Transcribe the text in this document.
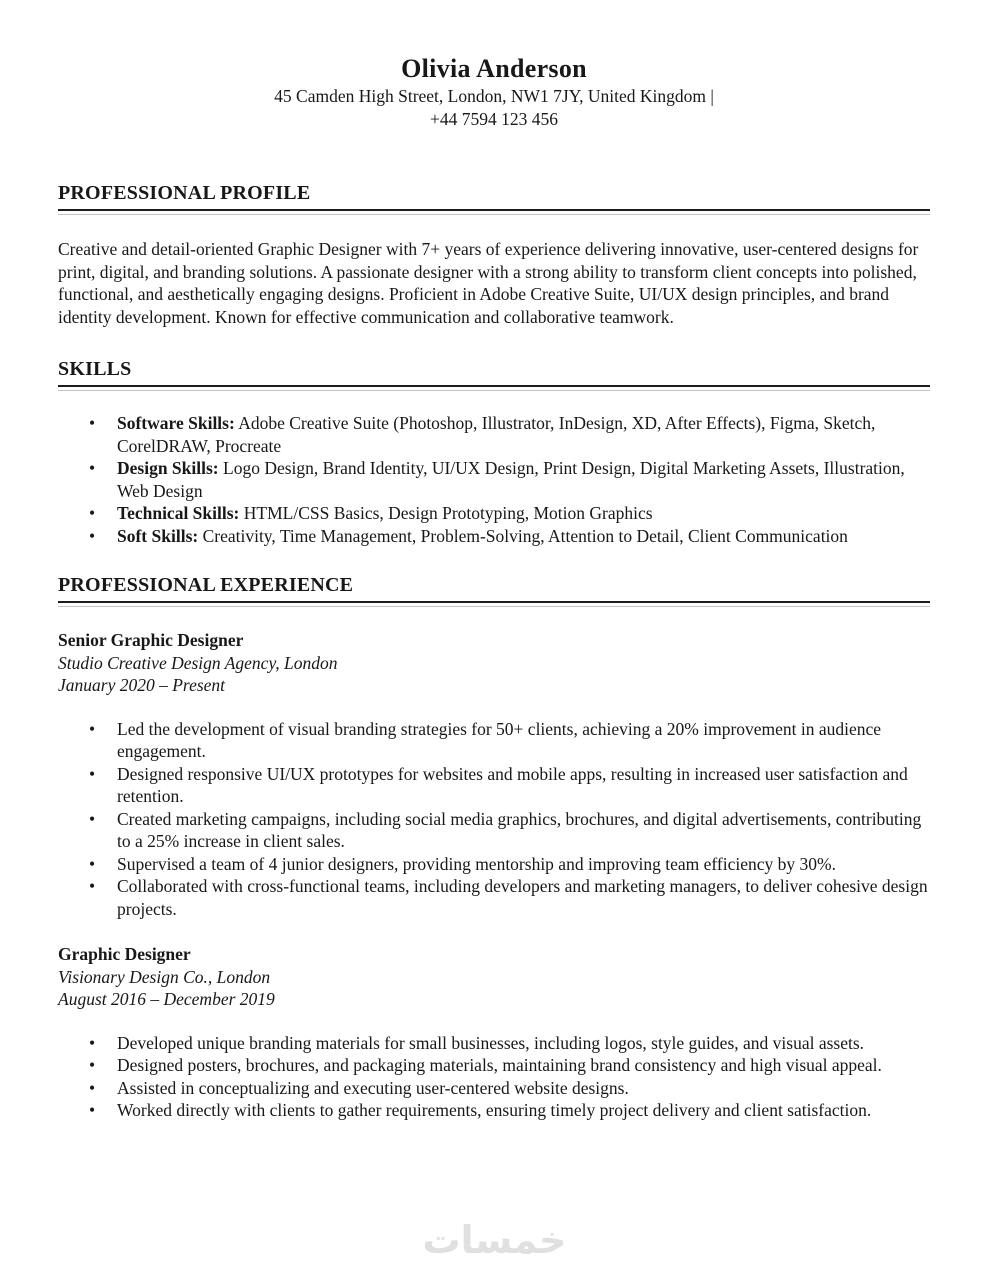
Olivia Anderson
45 Camden High Street, London, NW1 7JY, United Kingdom |
+44 7594 123 456
PROFESSIONAL PROFILE

Creative and detail-oriented Graphic Designer with 7+ years of experience delivering innovative, user-centered designs for print, digital, and branding solutions. A passionate designer with a strong ability to transform client concepts into polished, functional, and aesthetically engaging designs. Proficient in Adobe Creative Suite, UI/UX design principles, and brand identity development. Known for effective communication and collaborative teamwork.

SKILLS
• Software Skills: Adobe Creative Suite (Photoshop, Illustrator, InDesign, XD, After Effects), Figma, Sketch, CorelDRAW, Procreate
• Design Skills: Logo Design, Brand Identity, UI/UX Design, Print Design, Digital Marketing Assets, Illustration, Web Design
• Technical Skills: HTML/CSS Basics, Design Prototyping, Motion Graphics
• Soft Skills: Creativity, Time Management, Problem-Solving, Attention to Detail, Client Communication
PROFESSIONAL EXPERIENCE
Senior Graphic Designer
Studio Creative Design Agency, London
January 2020 – Present
• Led the development of visual branding strategies for 50+ clients, achieving a 20% improvement in audience engagement.
• Designed responsive UI/UX prototypes for websites and mobile apps, resulting in increased user satisfaction and retention.
• Created marketing campaigns, including social media graphics, brochures, and digital advertisements, contributing to a 25% increase in client sales.
• Supervised a team of 4 junior designers, providing mentorship and improving team efficiency by 30%.
• Collaborated with cross-functional teams, including developers and marketing managers, to deliver cohesive design projects.
Graphic Designer
Visionary Design Co., London
August 2016 – December 2019
• Developed unique branding materials for small businesses, including logos, style guides, and visual assets.
• Designed posters, brochures, and packaging materials, maintaining brand consistency and high visual appeal.
• Assisted in conceptualizing and executing user-centered website designs.
• Worked directly with clients to gather requirements, ensuring timely project delivery and client satisfaction.
خمسات
